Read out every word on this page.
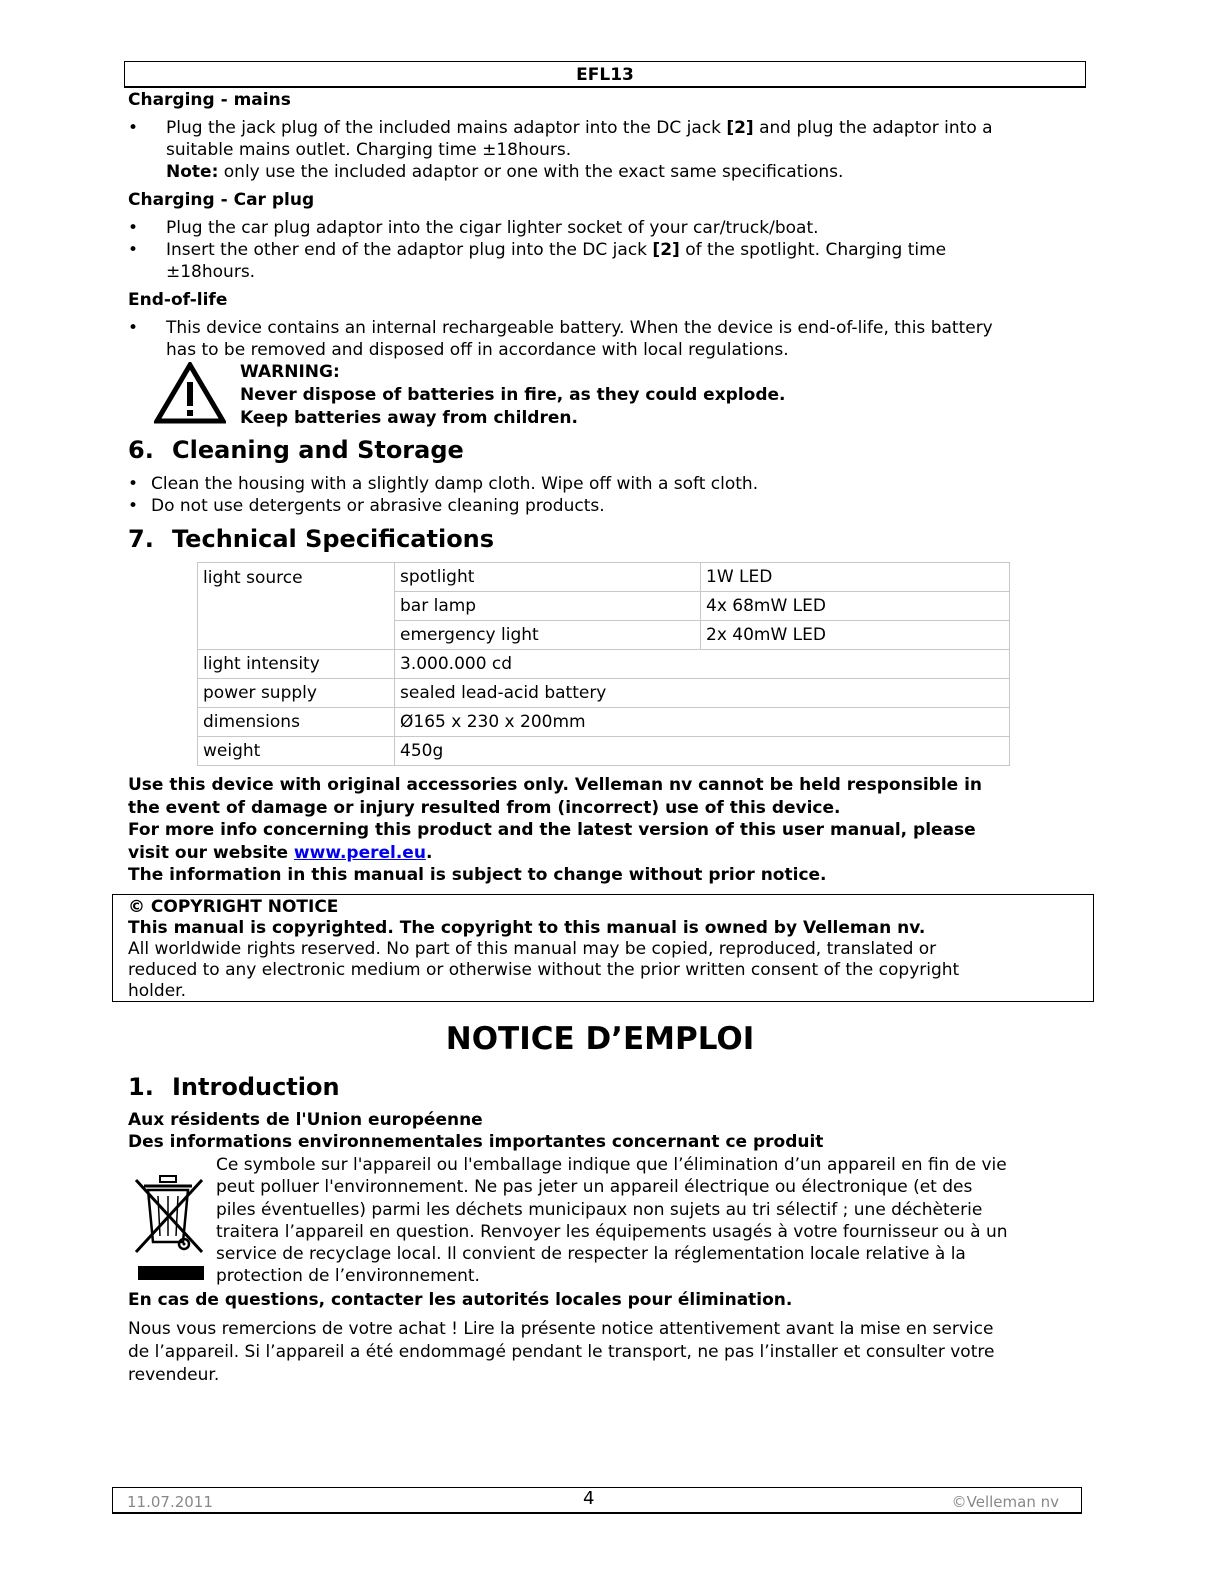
EFL13
Charging - mains
• Plug the jack plug of the included mains adaptor into the DC jack [2] and plug the adaptor into a
suitable mains outlet. Charging time ±18hours.
Note: only use the included adaptor or one with the exact same specifications.
Charging - Car plug
• Plug the car plug adaptor into the cigar lighter socket of your car/truck/boat.
• Insert the other end of the adaptor plug into the DC jack [2] of the spotlight. Charging time
±18hours.
End-of-life
• This device contains an internal rechargeable battery. When the device is end-of-life, this battery
has to be removed and disposed off in accordance with local regulations.
WARNING:
Never dispose of batteries in fire, as they could explode.
Keep batteries away from children.
6. Cleaning and Storage
• Clean the housing with a slightly damp cloth. Wipe off with a soft cloth.
• Do not use detergents or abrasive cleaning products.
7. Technical Specifications
light source	spotlight	1W LED
	bar lamp	4x 68mW LED
	emergency light	2x 40mW LED
light intensity	3.000.000 cd	
power supply	sealed lead-acid battery	
dimensions	Ø165 x 230 x 200mm	
weight	450g	
Use this device with original accessories only. Velleman nv cannot be held responsible in
the event of damage or injury resulted from (incorrect) use of this device.
For more info concerning this product and the latest version of this user manual, please
visit our website www.perel.eu.
The information in this manual is subject to change without prior notice.
© COPYRIGHT NOTICE
This manual is copyrighted. The copyright to this manual is owned by Velleman nv.
All worldwide rights reserved. No part of this manual may be copied, reproduced, translated or
reduced to any electronic medium or otherwise without the prior written consent of the copyright
holder.
NOTICE D’EMPLOI
1. Introduction
Aux résidents de l'Union européenne
Des informations environnementales importantes concernant ce produit
Ce symbole sur l'appareil ou l'emballage indique que l’élimination d’un appareil en fin de vie
peut polluer l'environnement. Ne pas jeter un appareil électrique ou électronique (et des
piles éventuelles) parmi les déchets municipaux non sujets au tri sélectif ; une déchèterie
traitera l’appareil en question. Renvoyer les équipements usagés à votre fournisseur ou à un
service de recyclage local. Il convient de respecter la réglementation locale relative à la
protection de l’environnement.
En cas de questions, contacter les autorités locales pour élimination.
Nous vous remercions de votre achat ! Lire la présente notice attentivement avant la mise en service
de l’appareil. Si l’appareil a été endommagé pendant le transport, ne pas l’installer et consulter votre
revendeur.
11.07.2011	4	©Velleman nv
